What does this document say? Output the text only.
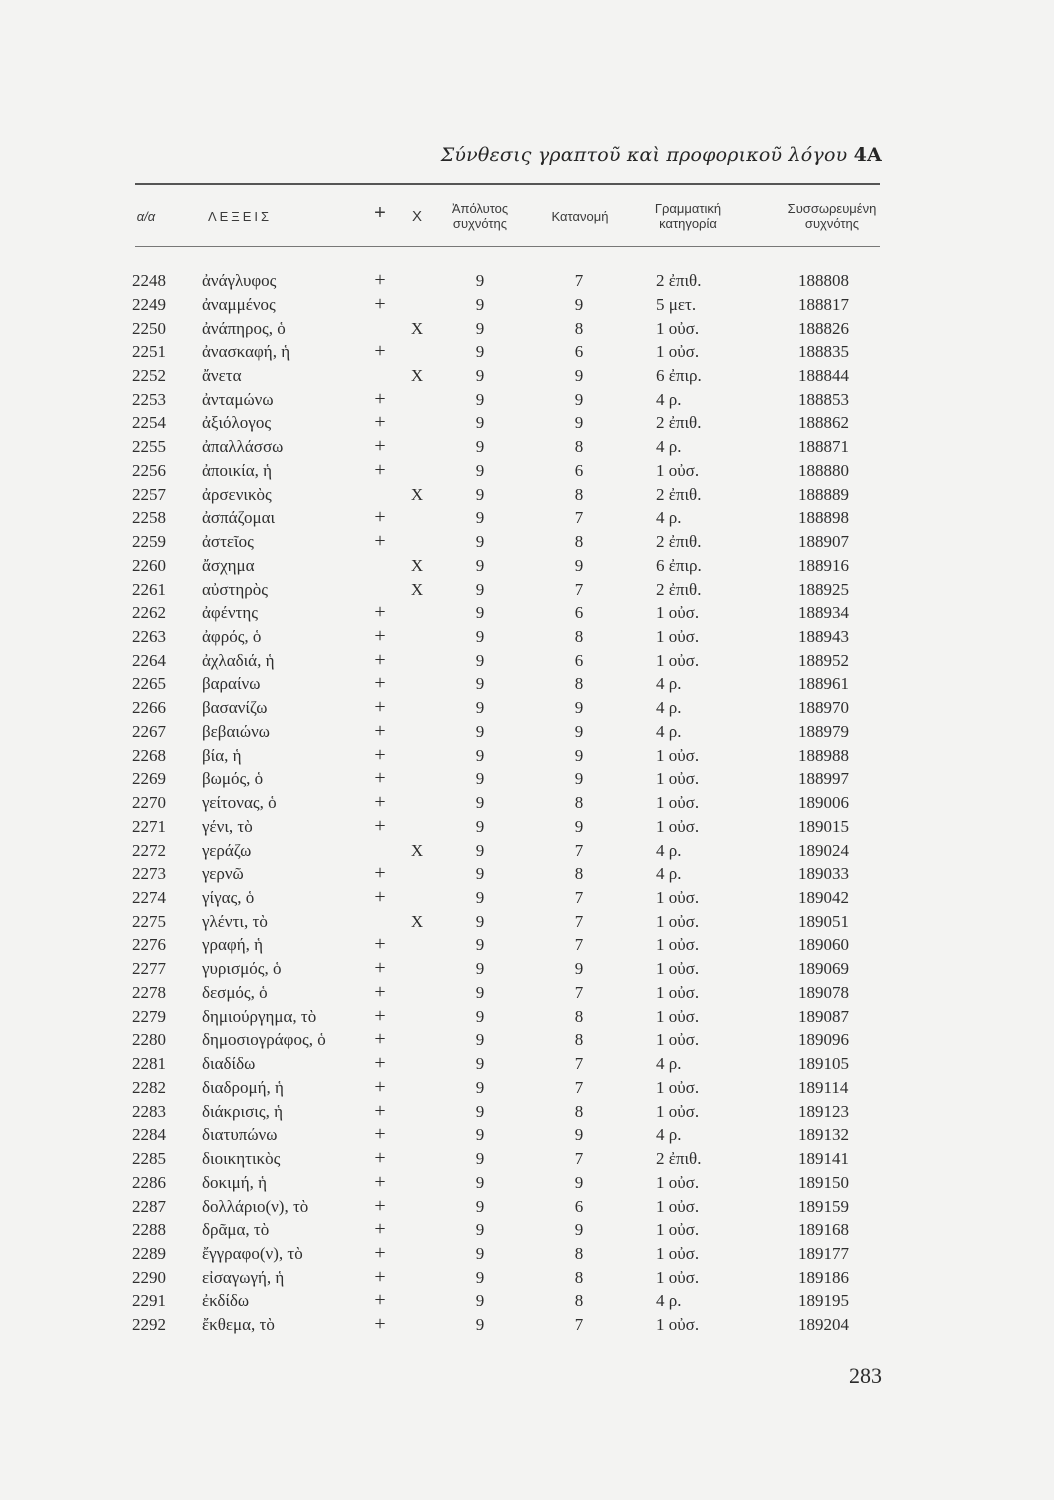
Σύνθεσις γραπτοῦ καὶ προφορικοῦ λόγου 4A
α/α	ΛΕΞΕΙΣ	+	Χ	Ἀπόλυτος
συχνότης	Κατανομή
Γραμματική
κατηγορία
Συσσωρευμένη
συχνότης
2248 ἀνάγλυφος	+	9	7	2 ἐπιθ.	188808
2249 ἀναμμένος	+	9	9	5 μετ.	188817
2250 ἀνάπηρος, ὁ	Χ	9	8	1 οὐσ.	188826
2251 ἀνασκαφή, ἡ	+	9	6	1 οὐσ.	188835
2252 ἄνετα	Χ	9	9	6 ἐπιρ.	188844
2253 ἀνταμώνω	+	9	9	4 ρ.	188853
2254 ἀξιόλογος	+	9	9	2 ἐπιθ.	188862
2255 ἀπαλλάσσω	+	9	8	4 ρ.	188871
2256 ἀποικία, ἡ	+	9	6	1 οὐσ.	188880
2257 ἀρσενικὸς	Χ	9	8	2 ἐπιθ.	188889
2258 ἀσπάζομαι	+	9	7	4 ρ.	188898
2259 ἀστεῖος	+	9	8	2 ἐπιθ.	188907
2260 ἄσχημα	Χ	9	9	6 ἐπιρ.	188916
2261 αὐστηρὸς	Χ	9	7	2 ἐπιθ.	188925
2262 ἀφέντης	+	9	6	1 οὐσ.	188934
2263 ἀφρός, ὁ	+	9	8	1 οὐσ.	188943
2264 ἀχλαδιά, ἡ	+	9	6	1 οὐσ.	188952
2265 βαραίνω	+	9	8	4 ρ.	188961
2266 βασανίζω	+	9	9	4 ρ.	188970
2267 βεβαιώνω	+	9	9	4 ρ.	188979
2268 βία, ἡ	+	9	9	1 οὐσ.	188988
2269 βωμός, ὁ	+	9	9	1 οὐσ.	188997
2270 γείτονας, ὁ	+	9	8	1 οὐσ.	189006
2271 γένι, τὸ	+	9	9	1 οὐσ.	189015
2272 γεράζω	Χ	9	7	4 ρ.	189024
2273 γερνῶ	+	9	8	4 ρ.	189033
2274 γίγας, ὁ	+	9	7	1 οὐσ.	189042
2275 γλέντι, τὸ	Χ	9	7	1 οὐσ.	189051
2276 γραφή, ἡ	+	9	7	1 οὐσ.	189060
2277 γυρισμός, ὁ	+	9	9	1 οὐσ.	189069
2278 δεσμός, ὁ	+	9	7	1 οὐσ.	189078
2279 δημιούργημα, τὸ	+	9	8	1 οὐσ.	189087
2280 δημοσιογράφος, ὁ +	9	8	1 οὐσ.	189096
2281 διαδίδω	+	9	7	4 ρ.	189105
2282 διαδρομή, ἡ	+	9	7	1 οὐσ.	189114
2283 διάκρισις, ἡ	+	9	8	1 οὐσ.	189123
2284 διατυπώνω	+	9	9	4 ρ.	189132
2285 διοικητικὸς	+	9	7	2 ἐπιθ.	189141
2286 δοκιμή, ἡ	+	9	9	1 οὐσ.	189150
2287 δολλάριο(ν), τὸ	+	9	6	1 οὐσ.	189159
2288 δρᾶμα, τὸ	+	9	9	1 οὐσ.	189168
2289 ἔγγραφο(ν), τὸ	+	9	8	1 οὐσ.	189177
2290 εἰσαγωγή, ἡ	+	9	8	1 οὐσ.	189186
2291 ἐκδίδω	+	9	8	4 ρ.	189195
2292 ἔκθεμα, τὸ	+	9	7	1 οὐσ.	189204
283
